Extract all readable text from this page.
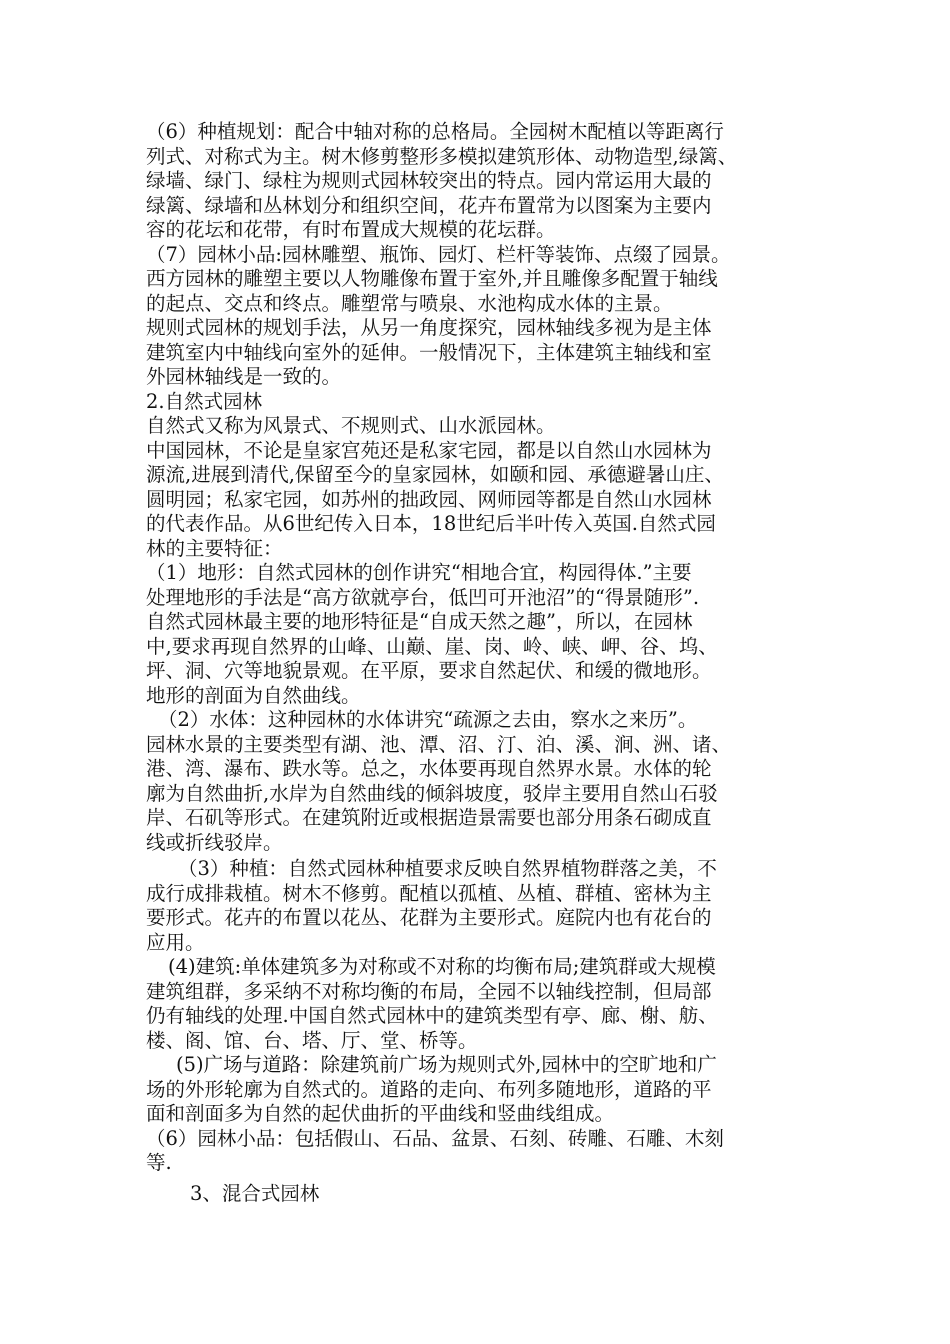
（6）种植规划：配合中轴对称的总格局。全园树木配植以等距离行
列式、对称式为主。树木修剪整形多模拟建筑形体、动物造型,绿篱、
绿墙、绿门、绿柱为规则式园林较突出的特点。园内常运用大最的
绿篱、绿墙和丛林划分和组织空间，花卉布置常为以图案为主要内
容的花坛和花带，有时布置成大规模的花坛群。
（7）园林小品:园林雕塑、瓶饰、园灯、栏杆等装饰、点缀了园景。
西方园林的雕塑主要以人物雕像布置于室外,并且雕像多配置于轴线
的起点、交点和终点。雕塑常与喷泉、水池构成水体的主景。
规则式园林的规划手法，从另一角度探究，园林轴线多视为是主体
建筑室内中轴线向室外的延伸。一般情况下，主体建筑主轴线和室
外园林轴线是一致的。
2.自然式园林
自然式又称为风景式、不规则式、山水派园林。
中国园林，不论是皇家宫苑还是私家宅园，都是以自然山水园林为
源流,进展到清代,保留至今的皇家园林，如颐和园、承德避暑山庄、
圆明园；私家宅园，如苏州的拙政园、网师园等都是自然山水园林
的代表作品。从6世纪传入日本，18世纪后半叶传入英国.自然式园
林的主要特征：
（1）地形：自然式园林的创作讲究“相地合宜，构园得体.”主要
处理地形的手法是“高方欲就亭台，低凹可开池沼”的“得景随形”.
自然式园林最主要的地形特征是“自成天然之趣”，所以，在园林
中,要求再现自然界的山峰、山巅、崖、岗、岭、峡、岬、谷、坞、
坪、洞、穴等地貌景观。在平原，要求自然起伏、和缓的微地形。
地形的剖面为自然曲线。
（2）水体：这种园林的水体讲究“疏源之去由，察水之来历”。
园林水景的主要类型有湖、池、潭、沼、汀、泊、溪、涧、洲、诸、
港、湾、瀑布、跌水等。总之，水体要再现自然界水景。水体的轮
廓为自然曲折,水岸为自然曲线的倾斜坡度，驳岸主要用自然山石驳
岸、石矶等形式。在建筑附近或根据造景需要也部分用条石砌成直
线或折线驳岸。
（3）种植：自然式园林种植要求反映自然界植物群落之美，不
成行成排栽植。树木不修剪。配植以孤植、丛植、群植、密林为主
要形式。花卉的布置以花丛、花群为主要形式。庭院内也有花台的
应用。
(4)建筑:单体建筑多为对称或不对称的均衡布局;建筑群或大规模
建筑组群，多采纳不对称均衡的布局，全园不以轴线控制，但局部
仍有轴线的处理.中国自然式园林中的建筑类型有亭、廊、榭、舫、
楼、阁、馆、台、塔、厅、堂、桥等。
(5)广场与道路：除建筑前广场为规则式外,园林中的空旷地和广
场的外形轮廓为自然式的。道路的走向、布列多随地形，道路的平
面和剖面多为自然的起伏曲折的平曲线和竖曲线组成。
（6）园林小品：包括假山、石品、盆景、石刻、砖雕、石雕、木刻
等.
3、混合式园林
